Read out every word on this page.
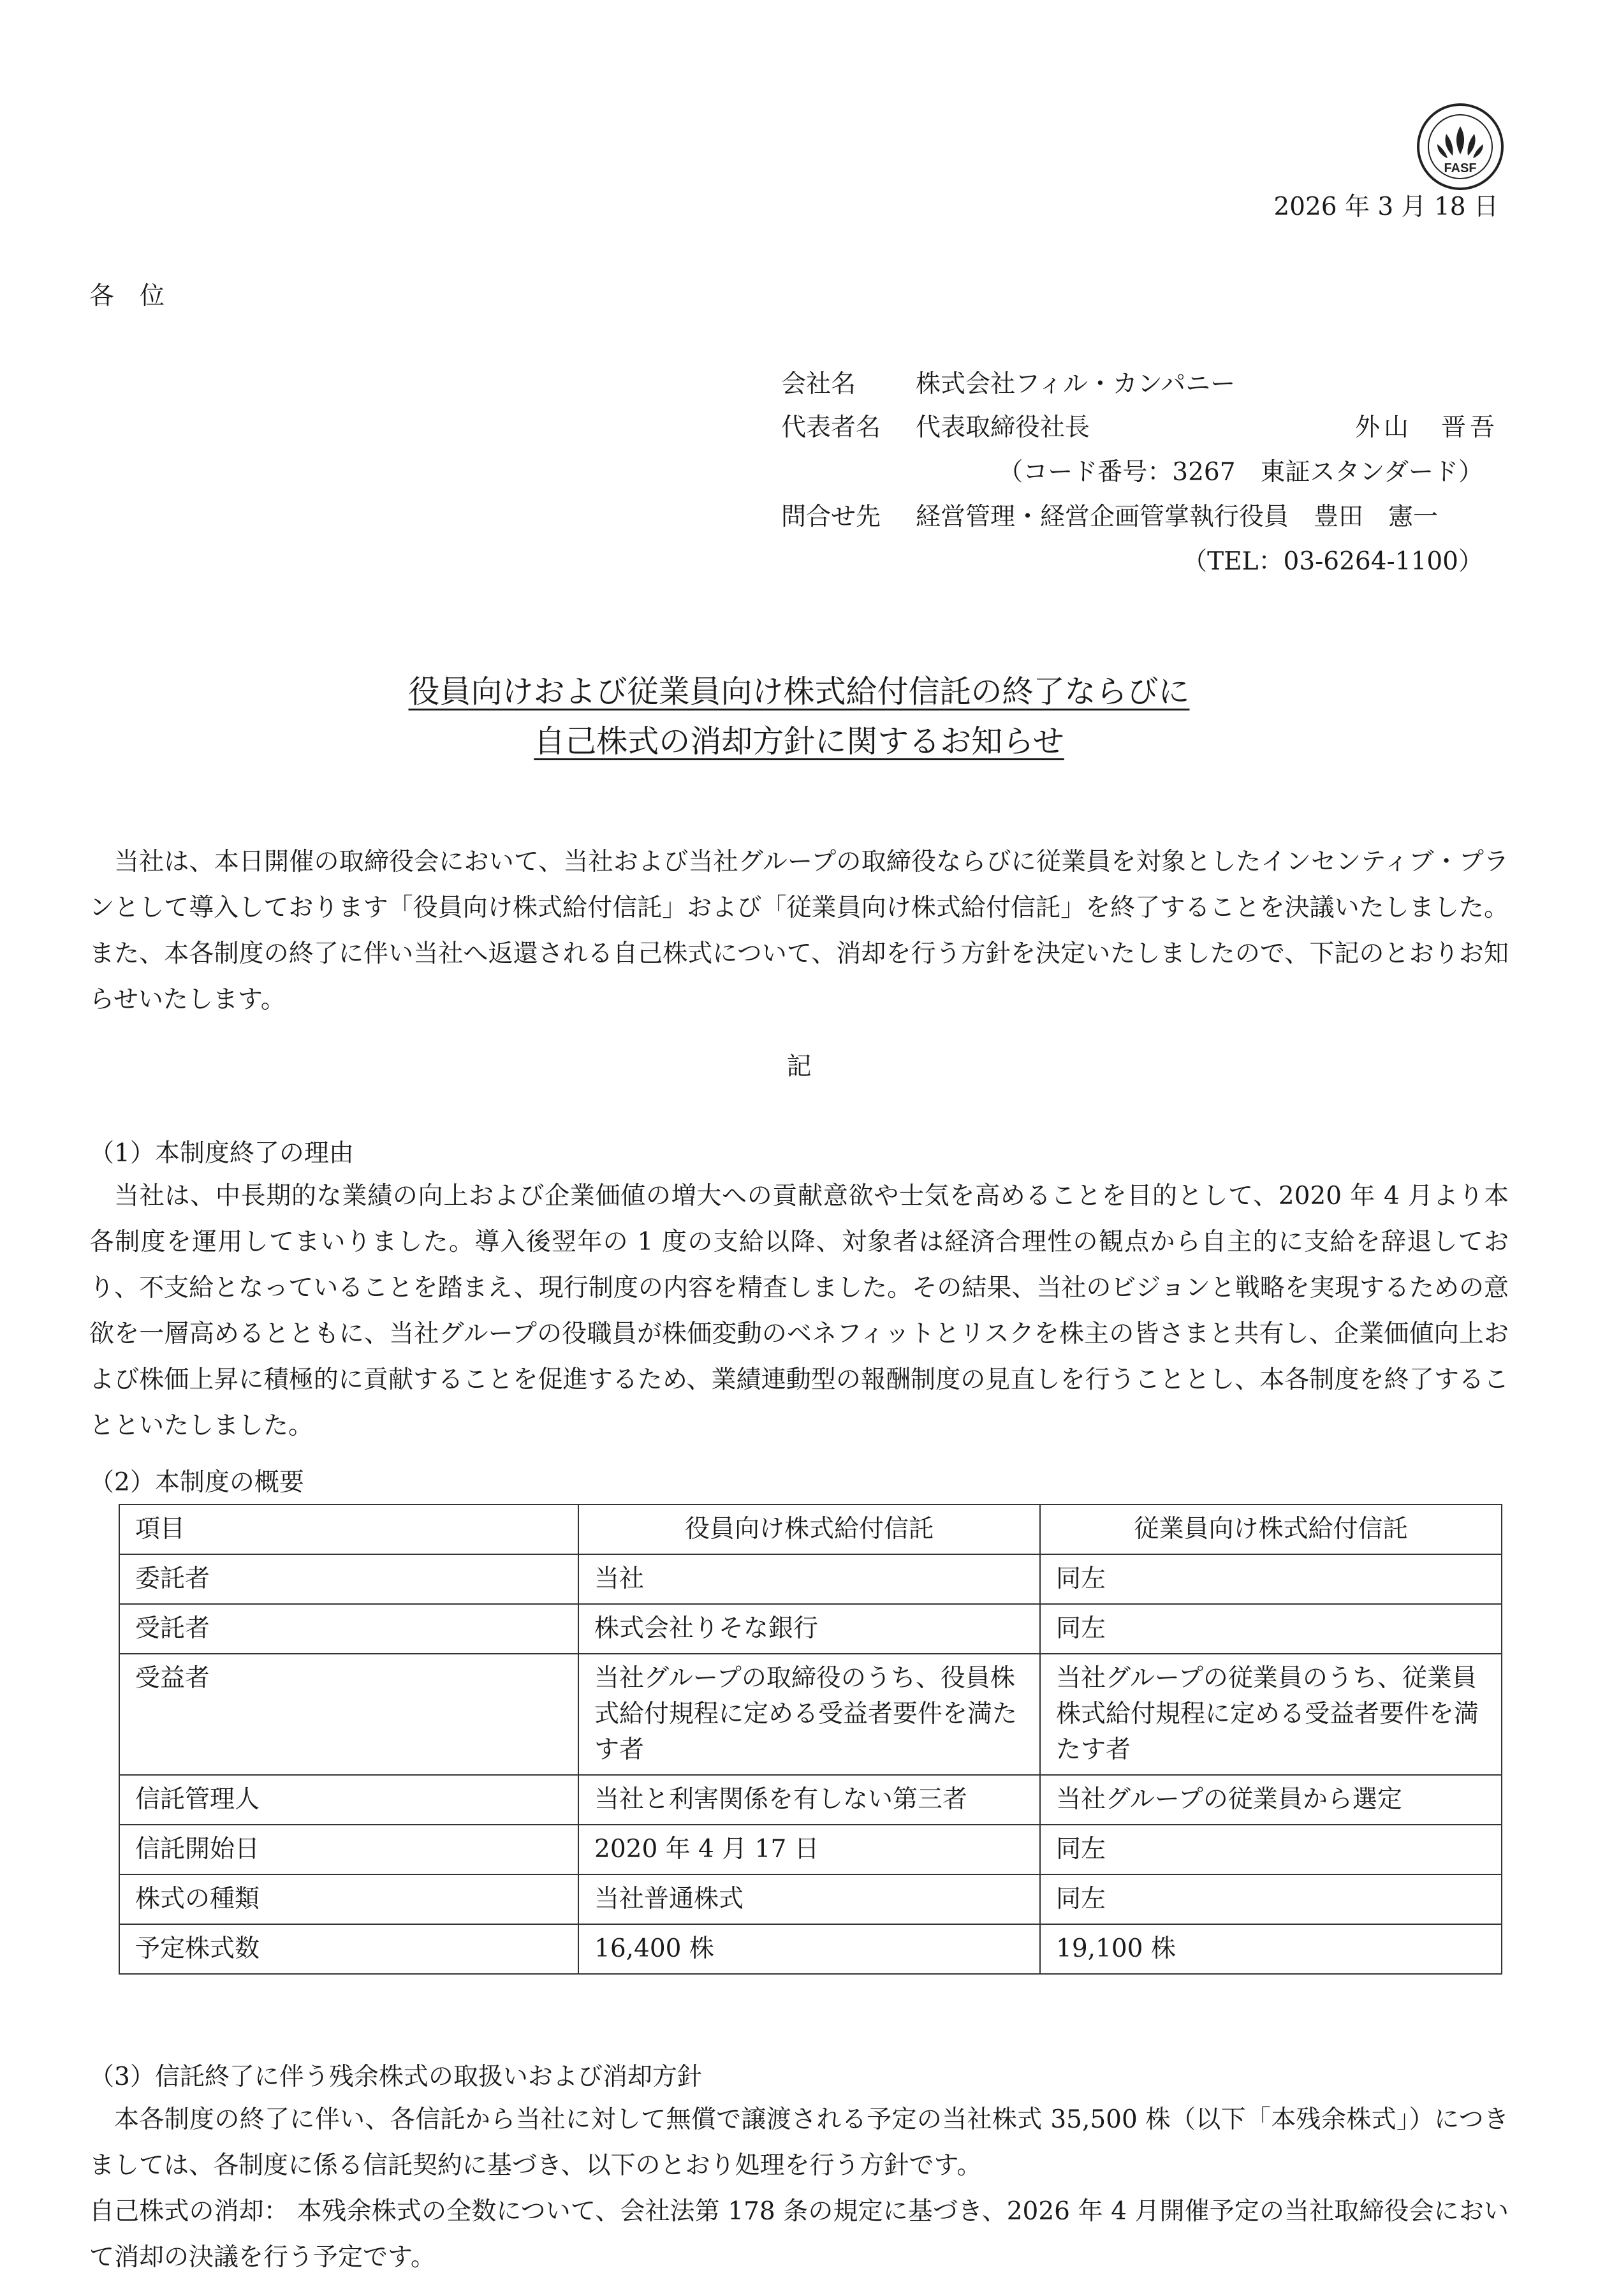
FASF
2026 年 3 月 18 日
各位
会社名 株式会社フィル・カンパニー
代表者名 代表取締役社長	外山　晋吾
（コード番号：3267　東証スタンダード）
問合せ先 経営管理・経営企画管掌執行役員　豊田　憲一
（TEL：03-6264-1100）
役員向けおよび従業員向け株式給付信託の終了ならびに
自己株式の消却方針に関するお知らせ
当社は、本日開催の取締役会において、当社および当社グループの取締役ならびに従業員を対象としたインセンティブ・プランとして導入しております「役員向け株式給付信託」および「従業員向け株式給付信託」を終了することを決議いたしました。 また、本各制度の終了に伴い当社へ返還される自己株式について、消却を行う方針を決定いたしましたので、下記のとおりお知らせいたします。
記
（1）本制度終了の理由
当社は、中長期的な業績の向上および企業価値の増大への貢献意欲や士気を高めることを目的として、2020 年 4 月より本各制度を運用してまいりました。導入後翌年の 1 度の支給以降、対象者は経済合理性の観点から自主的に支給を辞退しており、不支給となっていることを踏まえ、現行制度の内容を精査しました。その結果、当社のビジョンと戦略を実現するための意欲を一層高めるとともに、当社グループの役職員が株価変動のベネフィットとリスクを株主の皆さまと共有し、企業価値向上および株価上昇に積極的に貢献することを促進するため、業績連動型の報酬制度の見直しを行うこととし、本各制度を終了することといたしました。
（2）本制度の概要
項目	役員向け株式給付信託	従業員向け株式給付信託
委託者	当社	同左
受託者	株式会社りそな銀行	同左
受益者	当社グループの取締役のうち、役員株式給付規程に定める受益者要件を満たす者	当社グループの従業員のうち、従業員株式給付規程に定める受益者要件を満たす者
信託管理人	当社と利害関係を有しない第三者	当社グループの従業員から選定
信託開始日	2020 年 4 月 17 日	同左
株式の種類	当社普通株式	同左
予定株式数	16,400 株	19,100 株
（3）信託終了に伴う残余株式の取扱いおよび消却方針
本各制度の終了に伴い、各信託から当社に対して無償で譲渡される予定の当社株式 35,500 株（以下「本残余株式」）につきましては、各制度に係る信託契約に基づき、以下のとおり処理を行う方針です。
自己株式の消却： 本残余株式の全数について、会社法第 178 条の規定に基づき、2026 年 4 月開催予定の当社取締役会において消却の決議を行う予定です。
